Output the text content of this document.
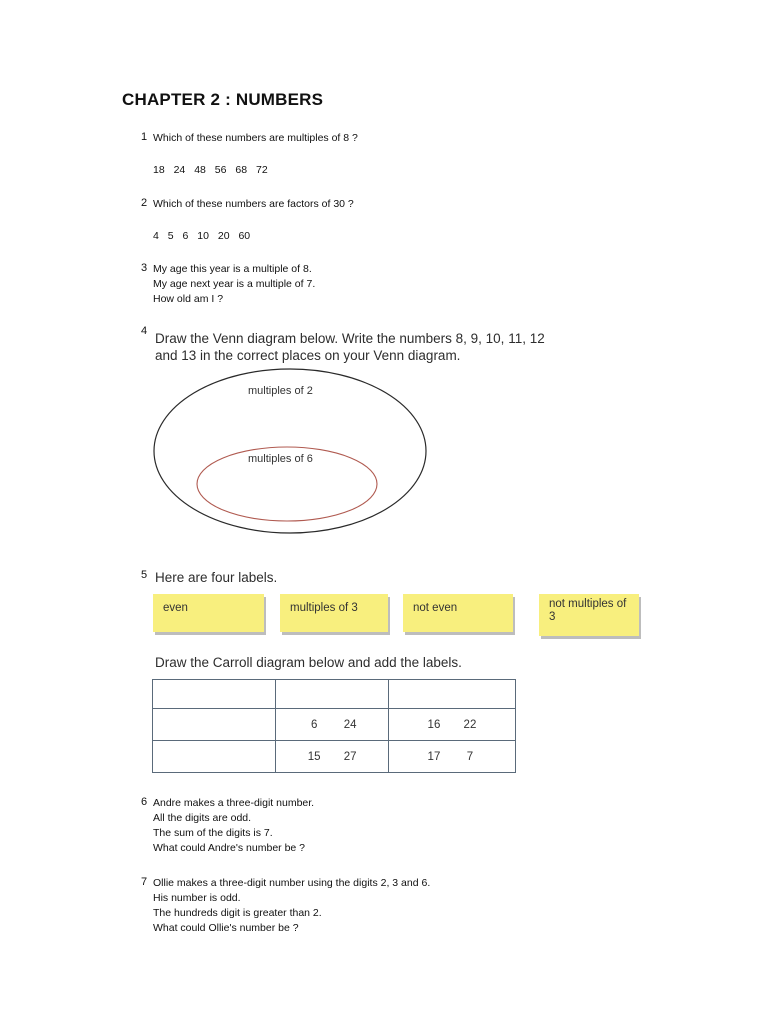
CHAPTER 2 : NUMBERS
1 Which of these numbers are multiples of 8 ?
18 24 48 56 68 72
2 Which of these numbers are factors of 30 ?
4 5 6 10 20 60
3 My age this year is a multiple of 8.
My age next year is a multiple of 7.
How old am I ?
4 Draw the Venn diagram below. Write the numbers 8, 9, 10, 11, 12
and 13 in the correct places on your Venn diagram.
multiples of 2
multiples of 6
5 Here are four labels.
even	multiples of 3	not even	not multiples of 3
Draw the Carroll diagram below and add the labels.

	6 24	16 22
	15 27	17 7
6 Andre makes a three-digit number.
All the digits are odd.
The sum of the digits is 7.
What could Andre's number be ?
7 Ollie makes a three-digit number using the digits 2, 3 and 6.
His number is odd.
The hundreds digit is greater than 2.
What could Ollie's number be ?
